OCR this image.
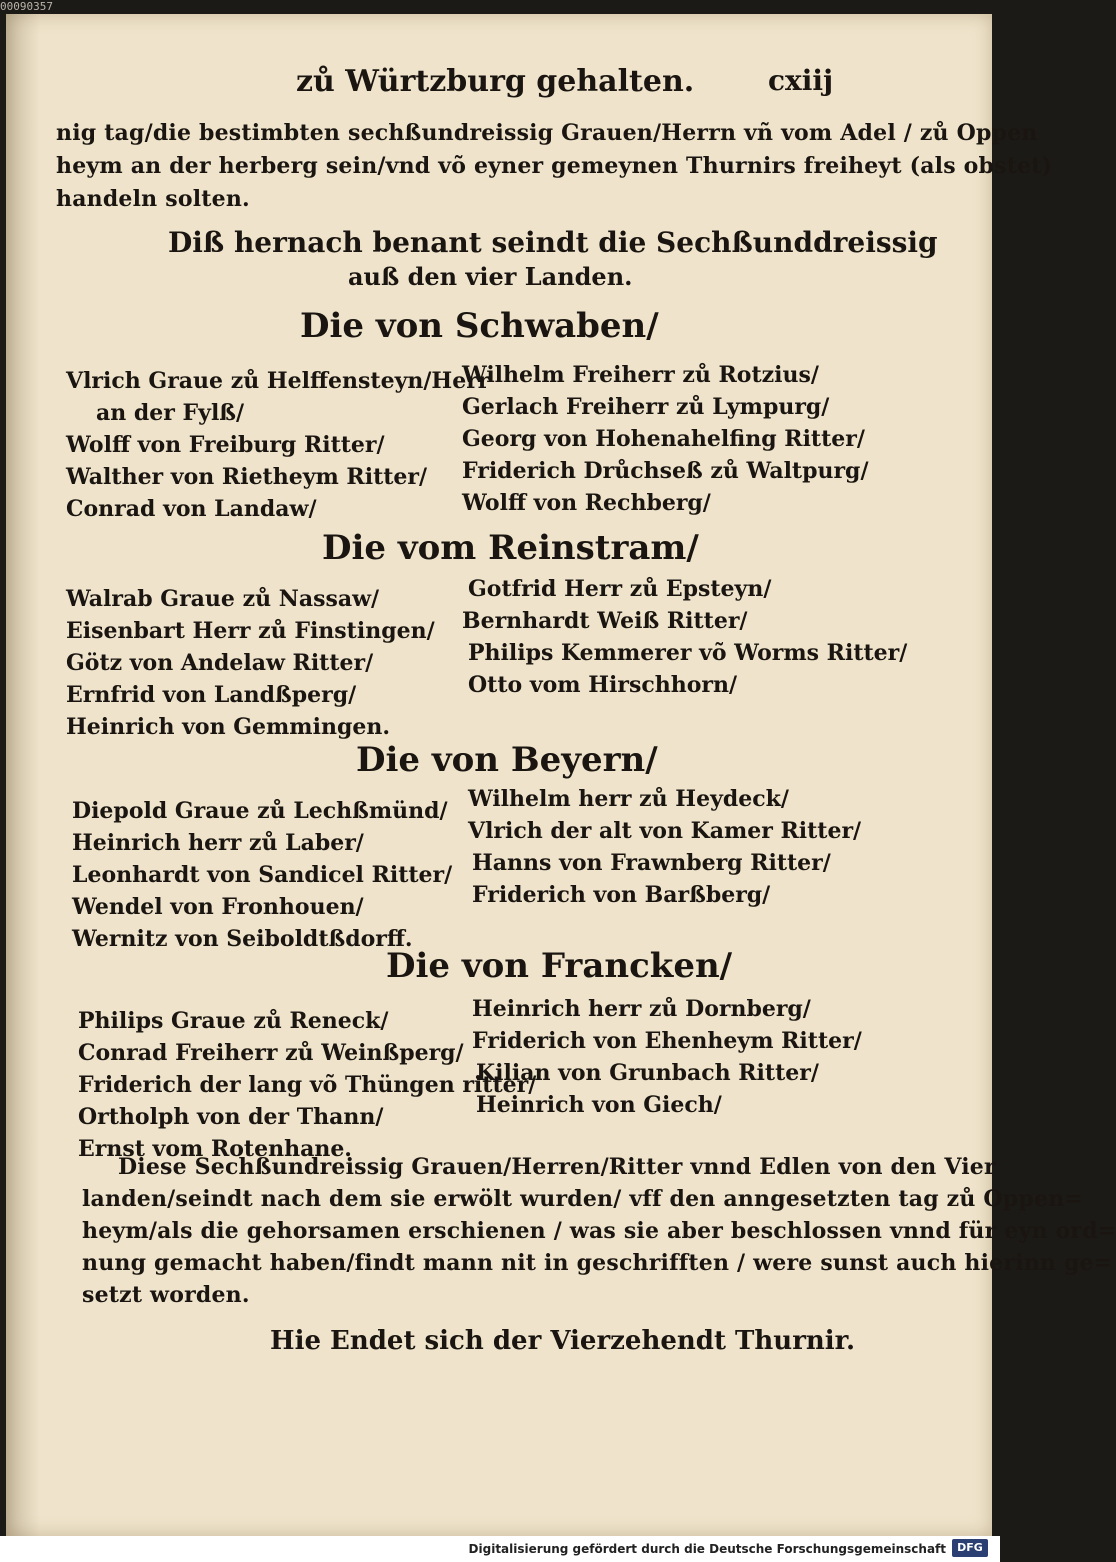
00090357
zů Würtzburg gehalten.	cxiij
nig tag/die bestimbten sechßundreissig Grauen/Herrn vñ vom Adel / zů Oppen
heym an der herberg sein/vnd võ eyner gemeynen Thurnirs freiheyt (als obstet)
handeln solten.
Diß hernach benant seindt die Sechßunddreissig
auß den vier Landen.
Die von Schwaben/
Vlrich Graue zů Helffensteyn/Herr
an der Fylß/
Wolff von Freiburg Ritter/
Walther von Rietheym Ritter/
Conrad von Landaw/
Wilhelm Freiherr zů Rotzius/
Gerlach Freiherr zů Lympurg/
Georg von Hohenahelfing Ritter/
Friderich Drůchseß zů Waltpurg/
Wolff von Rechberg/
Die vom Reinstram/
Walrab Graue zů Nassaw/
Eisenbart Herr zů Finstingen/
Götz von Andelaw Ritter/
Ernfrid von Landßperg/
Heinrich von Gemmingen.
Gotfrid Herr zů Epsteyn/
Bernhardt Weiß Ritter/
Philips Kemmerer võ Worms Ritter/
Otto vom Hirschhorn/
Die von Beyern/
Diepold Graue zů Lechßmünd/
Heinrich herr zů Laber/
Leonhardt von Sandicel Ritter/
Wendel von Fronhouen/
Wernitz von Seiboldtßdorff.
Wilhelm herr zů Heydeck/
Vlrich der alt von Kamer Ritter/
Hanns von Frawnberg Ritter/
Friderich von Barßberg/
Die von Francken/
Philips Graue zů Reneck/
Conrad Freiherr zů Weinßperg/
Friderich der lang võ Thüngen ritter/
Ortholph von der Thann/
Ernst vom Rotenhane.
Heinrich herr zů Dornberg/
Friderich von Ehenheym Ritter/
Kilian von Grunbach Ritter/
Heinrich von Giech/
Diese Sechßundreissig Grauen/Herren/Ritter vnnd Edlen von den Vier
landen/seindt nach dem sie erwölt wurden/ vff den anngesetzten tag zů Oppen=
heym/als die gehorsamen erschienen / was sie aber beschlossen vnnd für eyn ord=
nung gemacht haben/findt mann nit in geschrifften / were sunst auch hierinn ge=
setzt worden.
Hie Endet sich der Vierzehendt Thurnir.
Digitalisierung gefördert durch die Deutsche Forschungsgemeinschaft	DFG
